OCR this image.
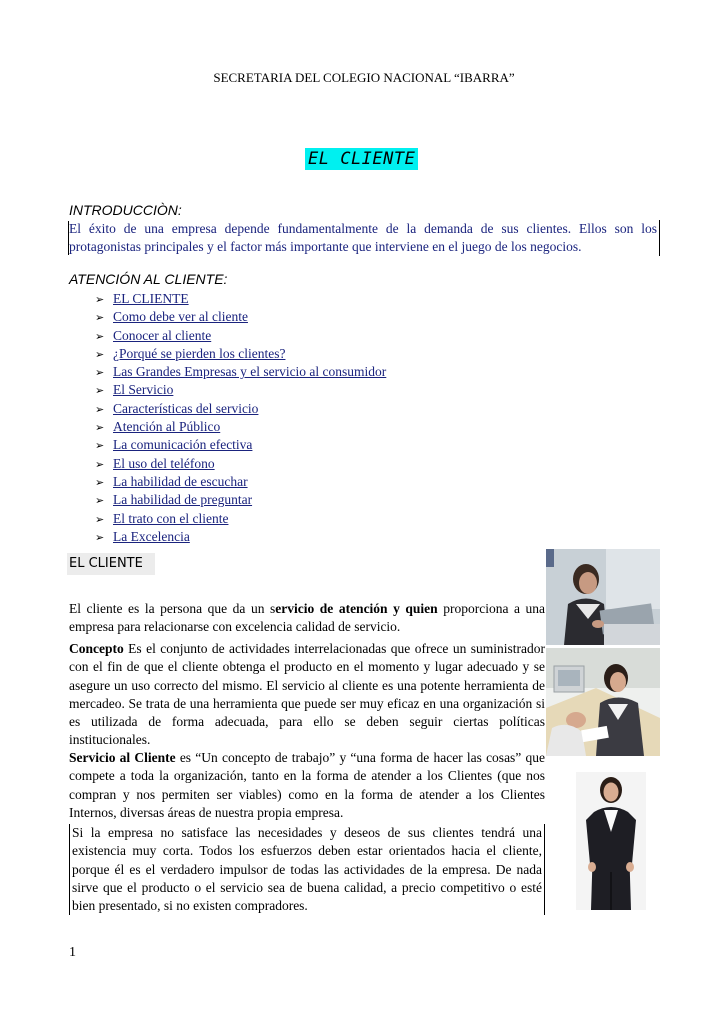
SECRETARIA DEL COLEGIO NACIONAL “IBARRA”
EL CLIENTE
INTRODUCCIÒN:
El éxito de una empresa depende fundamentalmente de la demanda de sus clientes. Ellos son los protagonistas principales y el factor más importante que interviene en el juego de los negocios.
ATENCIÓN AL CLIENTE:
➢ EL CLIENTE
➢ Como debe ver al cliente
➢ Conocer al cliente
➢ ¿Porqué se pierden los clientes?
➢ Las Grandes Empresas y el servicio al consumidor
➢ El Servicio
➢ Características del servicio
➢ Atención al Público
➢ La comunicación efectiva
➢ El uso del teléfono
➢ La habilidad de escuchar
➢ La habilidad de preguntar
➢ El trato con el cliente
➢ La Excelencia
EL CLIENTE
El cliente es la persona que da un servicio de atención y quien proporciona a una empresa para relacionarse con excelencia calidad de servicio.
Concepto Es el conjunto de actividades interrelacionadas que ofrece un suministrador con el fin de que el cliente obtenga el producto en el momento y lugar adecuado y se asegure un uso correcto del mismo. El servicio al cliente es una potente herramienta de mercadeo. Se trata de una herramienta que puede ser muy eficaz en una organización si es utilizada de forma adecuada, para ello se deben seguir ciertas políticas institucionales.
Servicio al Cliente es “Un concepto de trabajo” y “una forma de hacer las cosas” que compete a toda la organización, tanto en la forma de atender a los Clientes (que nos compran y nos permiten ser viables) como en la forma de atender a los Clientes Internos, diversas áreas de nuestra propia empresa.
Si la empresa no satisface las necesidades y deseos de sus clientes tendrá una existencia muy corta. Todos los esfuerzos deben estar orientados hacia el cliente, porque él es el verdadero impulsor de todas las actividades de la empresa. De nada sirve que el producto o el servicio sea de buena calidad, a precio competitivo o esté bien presentado, si no existen compradores.
1
